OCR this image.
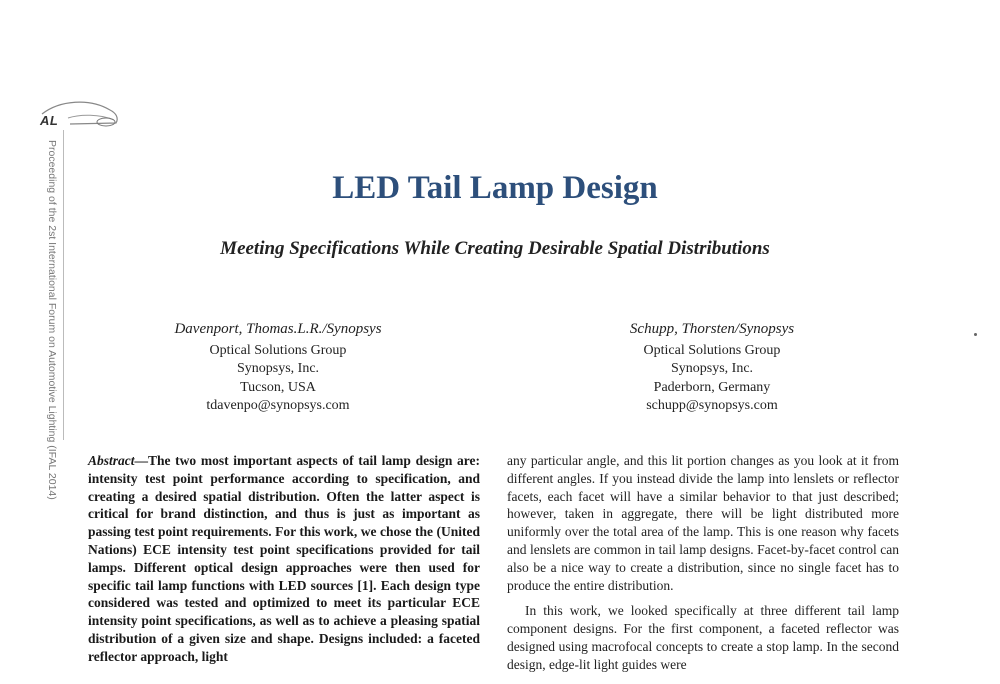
AL
Proceeding of the 2st International Forum on Automotive Lighting (IFAL 2014)	LED Tail Lamp Design
Meeting Specifications While Creating Desirable Spatial Distributions
Davenport, Thomas.L.R./Synopsys
Optical Solutions Group
Synopsys, Inc.
Tucson, USA
tdavenpo@synopsys.com
Schupp, Thorsten/Synopsys
Optical Solutions Group
Synopsys, Inc.
Paderborn, Germany
schupp@synopsys.com

Abstract—The two most important aspects of tail lamp design are: intensity test point performance according to specification, and creating a desired spatial distribution. Often the latter aspect is critical for brand distinction, and thus is just as important as passing test point requirements. For this work, we chose the (United Nations) ECE intensity test point specifications provided for tail lamps. Different optical design approaches were then used for specific tail lamp functions with LED sources [1]. Each design type considered was tested and optimized to meet its particular ECE intensity point specifications, as well as to achieve a pleasing spatial distribution of a given size and shape. Designs included: a faceted reflector approach, light

any particular angle, and this lit portion changes as you look at it from different angles. If you instead divide the lamp into lenslets or reflector facets, each facet will have a similar behavior to that just described; however, taken in aggregate, there will be light distributed more uniformly over the total area of the lamp. This is one reason why facets and lenslets are common in tail lamp designs. Facet-by-facet control can also be a nice way to create a distribution, since no single facet has to produce the entire distribution.

In this work, we looked specifically at three different tail lamp component designs. For the first component, a faceted reflector was designed using macrofocal concepts to create a stop lamp. In the second design, edge-lit light guides were
